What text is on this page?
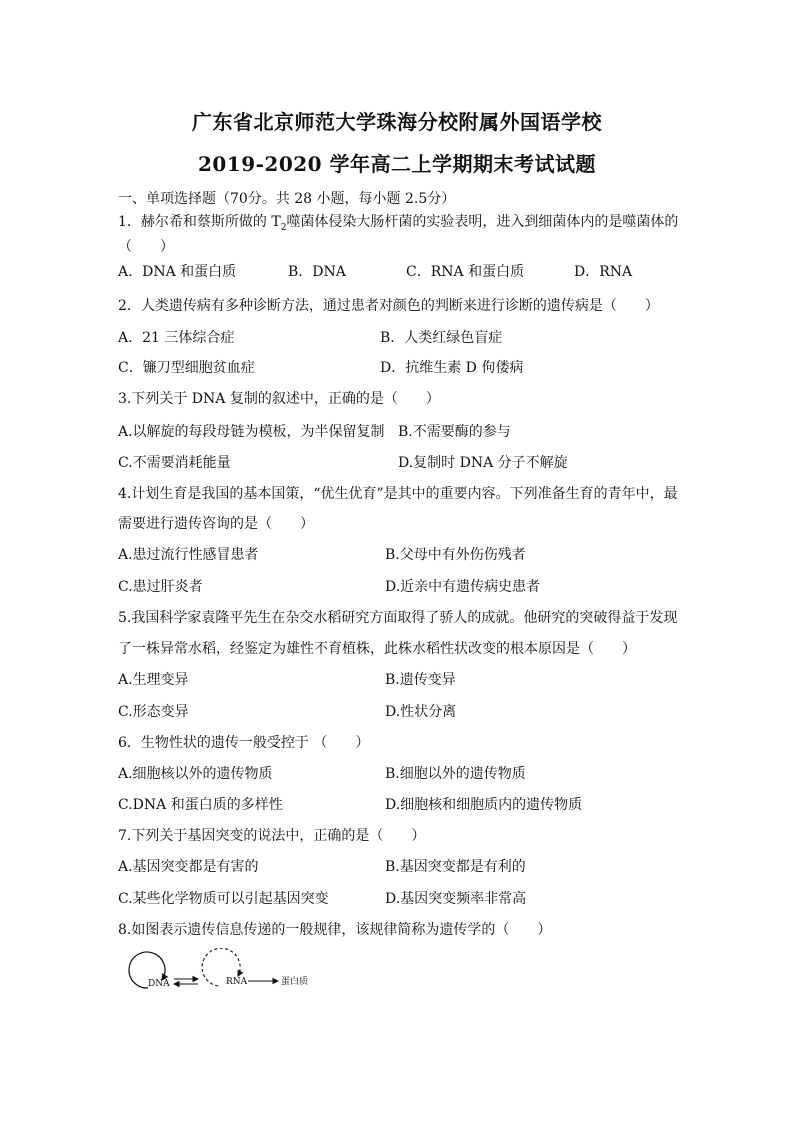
广东省北京师范大学珠海分校附属外国语学校
2019-2020 学年高二上学期期末考试试题
一、单项选择题（70分。共 28 小题，每小题 2.5分）
1．赫尔希和蔡斯所做的 $T_2$噬菌体侵染大肠杆菌的实验表明，进入到细菌体内的是噬菌体的
（　　）
A．DNA 和蛋白质	B．DNA	C．RNA 和蛋白质	D．RNA
2．人类遗传病有多种诊断方法，通过患者对颜色的判断来进行诊断的遗传病是（　　）
A．21 三体综合症	B．人类红绿色盲症
C．镰刀型细胞贫血症	D．抗维生素 D 佝偻病
3.下列关于 DNA 复制的叙述中，正确的是（　　）
A.以解旋的每段母链为模板，为半保留复制 B.不需要酶的参与
C.不需要消耗能量	D.复制时 DNA 分子不解旋
4.计划生育是我国的基本国策，“优生优育”是其中的重要内容。下列准备生育的青年中，最
需要进行遗传咨询的是（　　）
A.患过流行性感冒患者	B.父母中有外伤伤残者
C.患过肝炎者	D.近亲中有遗传病史患者
5.我国科学家袁隆平先生在杂交水稻研究方面取得了骄人的成就。他研究的突破得益于发现
了一株异常水稻，经鉴定为雄性不育植株，此株水稻性状改变的根本原因是（　　）
A.生理变异	B.遗传变异
C.形态变异	D.性状分离
6．生物性状的遗传一般受控于 （　　）
A.细胞核以外的遗传物质	B.细胞以外的遗传物质
C.DNA 和蛋白质的多样性	D.细胞核和细胞质内的遗传物质
7.下列关于基因突变的说法中，正确的是（　　）
A.基因突变都是有害的	B.基因突变都是有利的
C.某些化学物质可以引起基因突变	D.基因突变频率非常高
8.如图表示遗传信息传递的一般规律，该规律简称为遗传学的（　　）
DNA	RNA	蛋白质
